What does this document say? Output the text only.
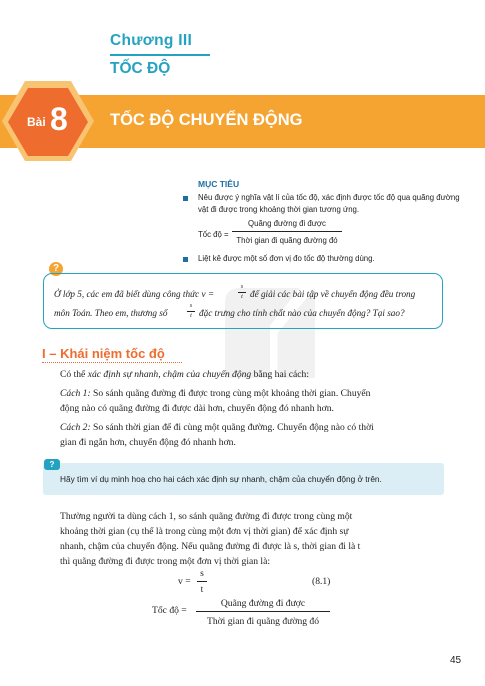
Chương III
TỐC ĐỘ
Bài 8	TỐC ĐỘ CHUYỂN ĐỘNG
MỤC TIÊU
Nêu được ý nghĩa vật lí của tốc độ, xác định được tốc độ qua quãng đường
vật đi được trong khoảng thời gian tương ứng.
Tốc độ =
Quãng đường đi được
Thời gian đi quãng đường đó
Liệt kê được một số đơn vị đo tốc độ thường dùng.
?
Ở lớp 5, các em đã biết dùng công thức v =
s
t để giải các bài tập về chuyển động đều trong
môn Toán. Theo em, thương số
s
t đặc trưng cho tính chất nào của chuyển động? Tại sao?
I – Khái niệm tốc độ
Có thể xác định sự nhanh, chậm của chuyển động bằng hai cách:
Cách 1: So sánh quãng đường đi được trong cùng một khoảng thời gian. Chuyển
động nào có quãng đường đi được dài hơn, chuyển động đó nhanh hơn.
Cách 2: So sánh thời gian để đi cùng một quãng đường. Chuyển động nào có thời
gian đi ngắn hơn, chuyển động đó nhanh hơn.
?
Hãy tìm ví dụ minh hoạ cho hai cách xác định sự nhanh, chậm của chuyển động ở trên.
Thường người ta dùng cách 1, so sánh quãng đường đi được trong cùng một
khoảng thời gian (cụ thể là trong cùng một đơn vị thời gian) để xác định sự
nhanh, chậm của chuyển động. Nếu quãng đường đi được là s, thời gian đi là t
thì quãng đường đi được trong một đơn vị thời gian là:
v =
s
t
(8.1)
Tốc độ =
Quãng đường đi được
Thời gian đi quãng đường đó
45
